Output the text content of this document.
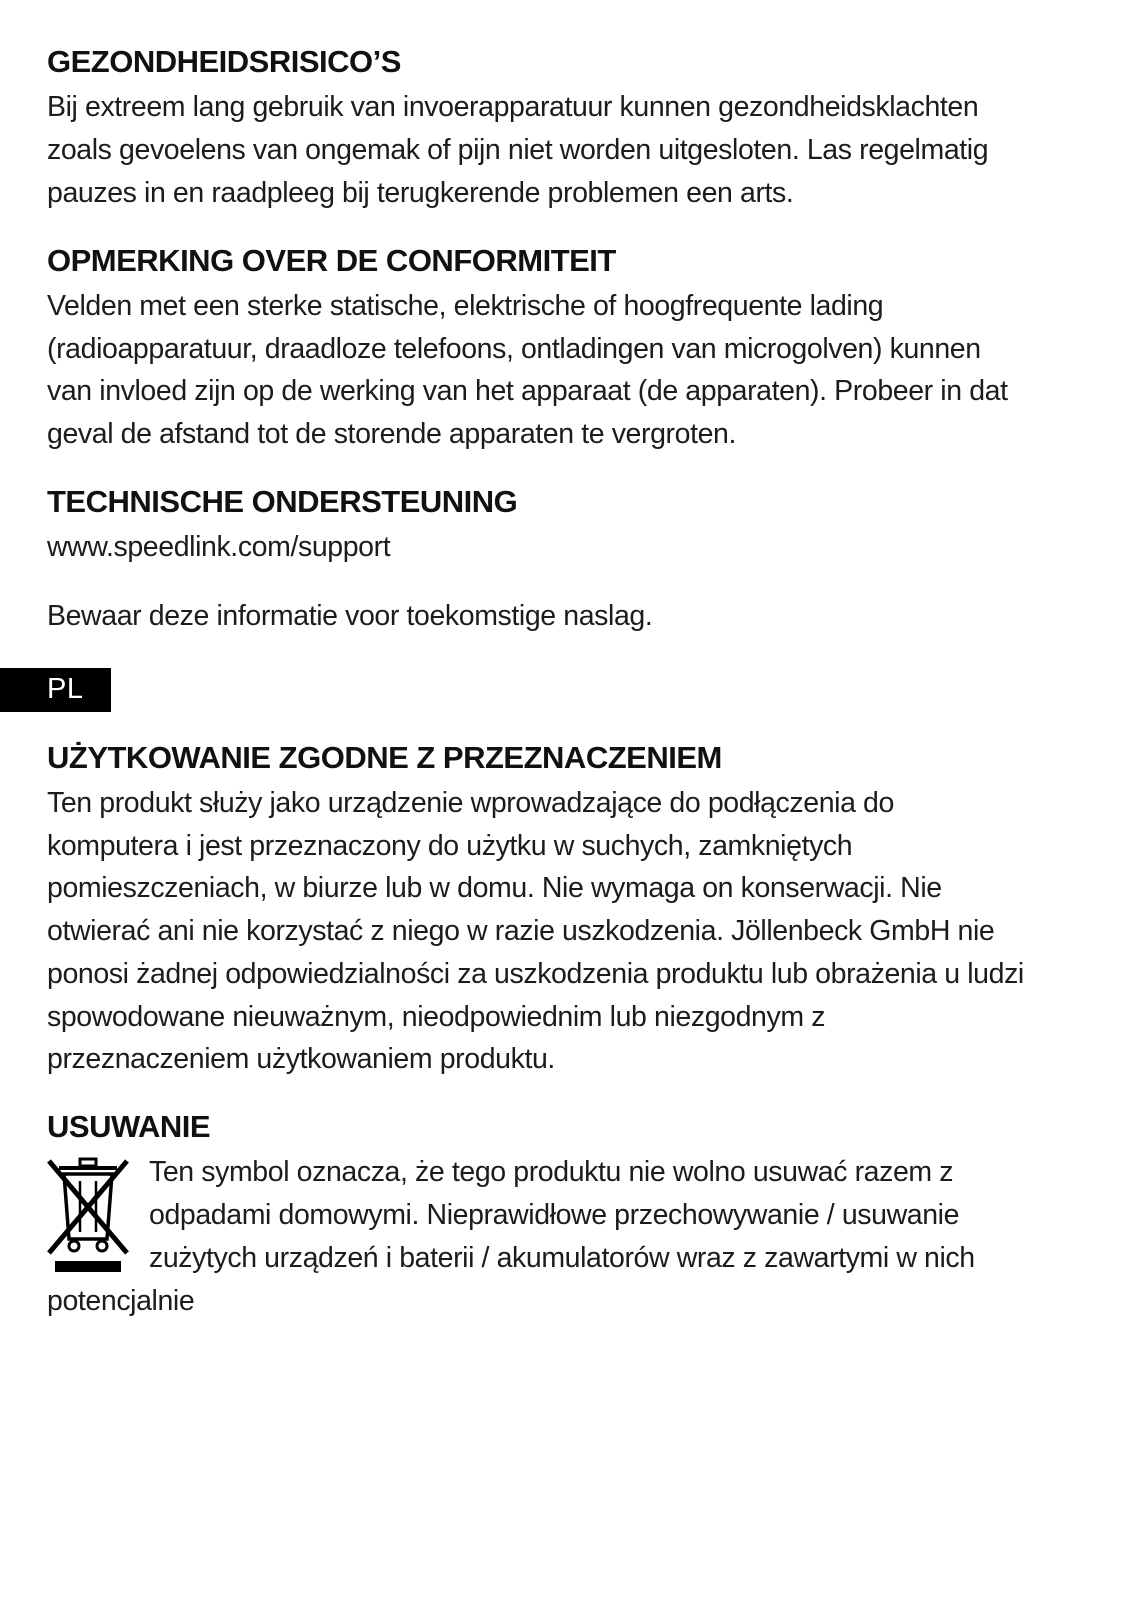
GEZONDHEIDSRISICO’S

Bij extreem lang gebruik van invoerapparatuur kunnen gezondheidsklachten zoals gevoelens van ongemak of pijn niet worden uitgesloten. Las regelmatig pauzes in en raadpleeg bij terugkerende problemen een arts.

OPMERKING OVER DE CONFORMITEIT

Velden met een sterke statische, elektrische of hoogfrequente lading (radioapparatuur, draadloze telefoons, ontladingen van microgolven) kunnen van invloed zijn op de werking van het apparaat (de apparaten). Probeer in dat geval de afstand tot de storende apparaten te vergroten.

TECHNISCHE ONDERSTEUNING

www.speedlink.com/support

Bewaar deze informatie voor toekomstige naslag.

PL
UŻYTKOWANIE ZGODNE Z PRZEZNACZENIEM

Ten produkt służy jako urządzenie wprowadzające do podłączenia do komputera i jest przeznaczony do użytku w suchych, zamkniętych pomieszczeniach, w biurze lub w domu. Nie wymaga on konserwacji. Nie otwierać ani nie korzystać z niego w razie uszkodzenia. Jöllenbeck GmbH nie ponosi żadnej odpowiedzialności za uszkodzenia produktu lub obrażenia u ludzi spowodowane nieuważnym, nieodpowiednim lub niezgodnym z przeznaczeniem użytkowaniem produktu.

USUWANIE

Ten symbol oznacza, że tego produktu nie wolno usuwać razem z odpadami domowymi. Nieprawidłowe przechowywanie / usuwanie zużytych urządzeń i baterii / akumulatorów wraz z zawartymi w nich potencjalnie
